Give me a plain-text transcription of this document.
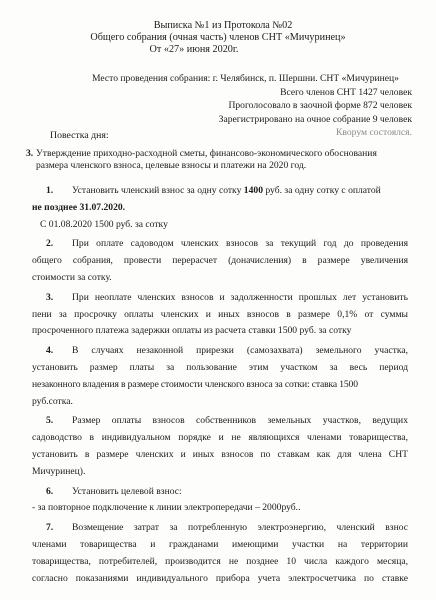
Выписка №1 из Протокола №02
Общего собрания (очная часть) членов СНТ «Мичуринец»
От «27» июня 2020г.
Место проведения собрания: г. Челябинск, п. Шершни. СНТ «Мичуринец»
Всего членов СНТ 1427 человек
Проголосовало в заочной форме 872 человек
Зарегистрировано на очное собрание 9 человек
Кворум состоялся.
Повестка дня:
3. Утверждение приходно-расходной сметы, финансово-экономического обоснования
размера членского взноса, целевые взносы и платежи на 2020 год.
1. Установить членский взнос за одну сотку 1400 руб. за одну сотку с оплатой
не позднее 31.07.2020.
С 01.08.2020 1500 руб. за сотку
2. При оплате садоводом членских взносов за текущий год до проведения
общего собрания, провести перерасчет (доначисления) в размере увеличения
стоимости за сотку.
3. При неоплате членских взносов и задолженности прошлых лет установить
пени за просрочку оплаты членских и иных взносов в размере 0,1% от суммы
просроченного платежа задержки оплаты из расчета ставки 1500 руб. за сотку
4. В случаях незаконной прирезки (самозахвата) земельного участка,
установить размер платы за пользование этим участком за весь период
незаконного владения в размере стоимости членского взноса за сотки: ставка 1500
руб.сотка.
5. Размер оплаты взносов собственников земельных участков, ведущих
садоводство в индивидуальном порядке и не являющихся членами товарищества,
установить в размере членских и иных взносов по ставкам как для члена СНТ
Мичуринец).
6. Установить целевой взнос:
- за повторное подключение к линии электропередачи – 2000руб..
7. Возмещение затрат за потребленную электроэнергию, членский взнос
членами товарищества и гражданами имеющими участки на территории
товарищества, потребителей, производится не позднее 10 числа каждого месяца,
согласно показаниями индивидуального прибора учета электросчетчика по ставке
